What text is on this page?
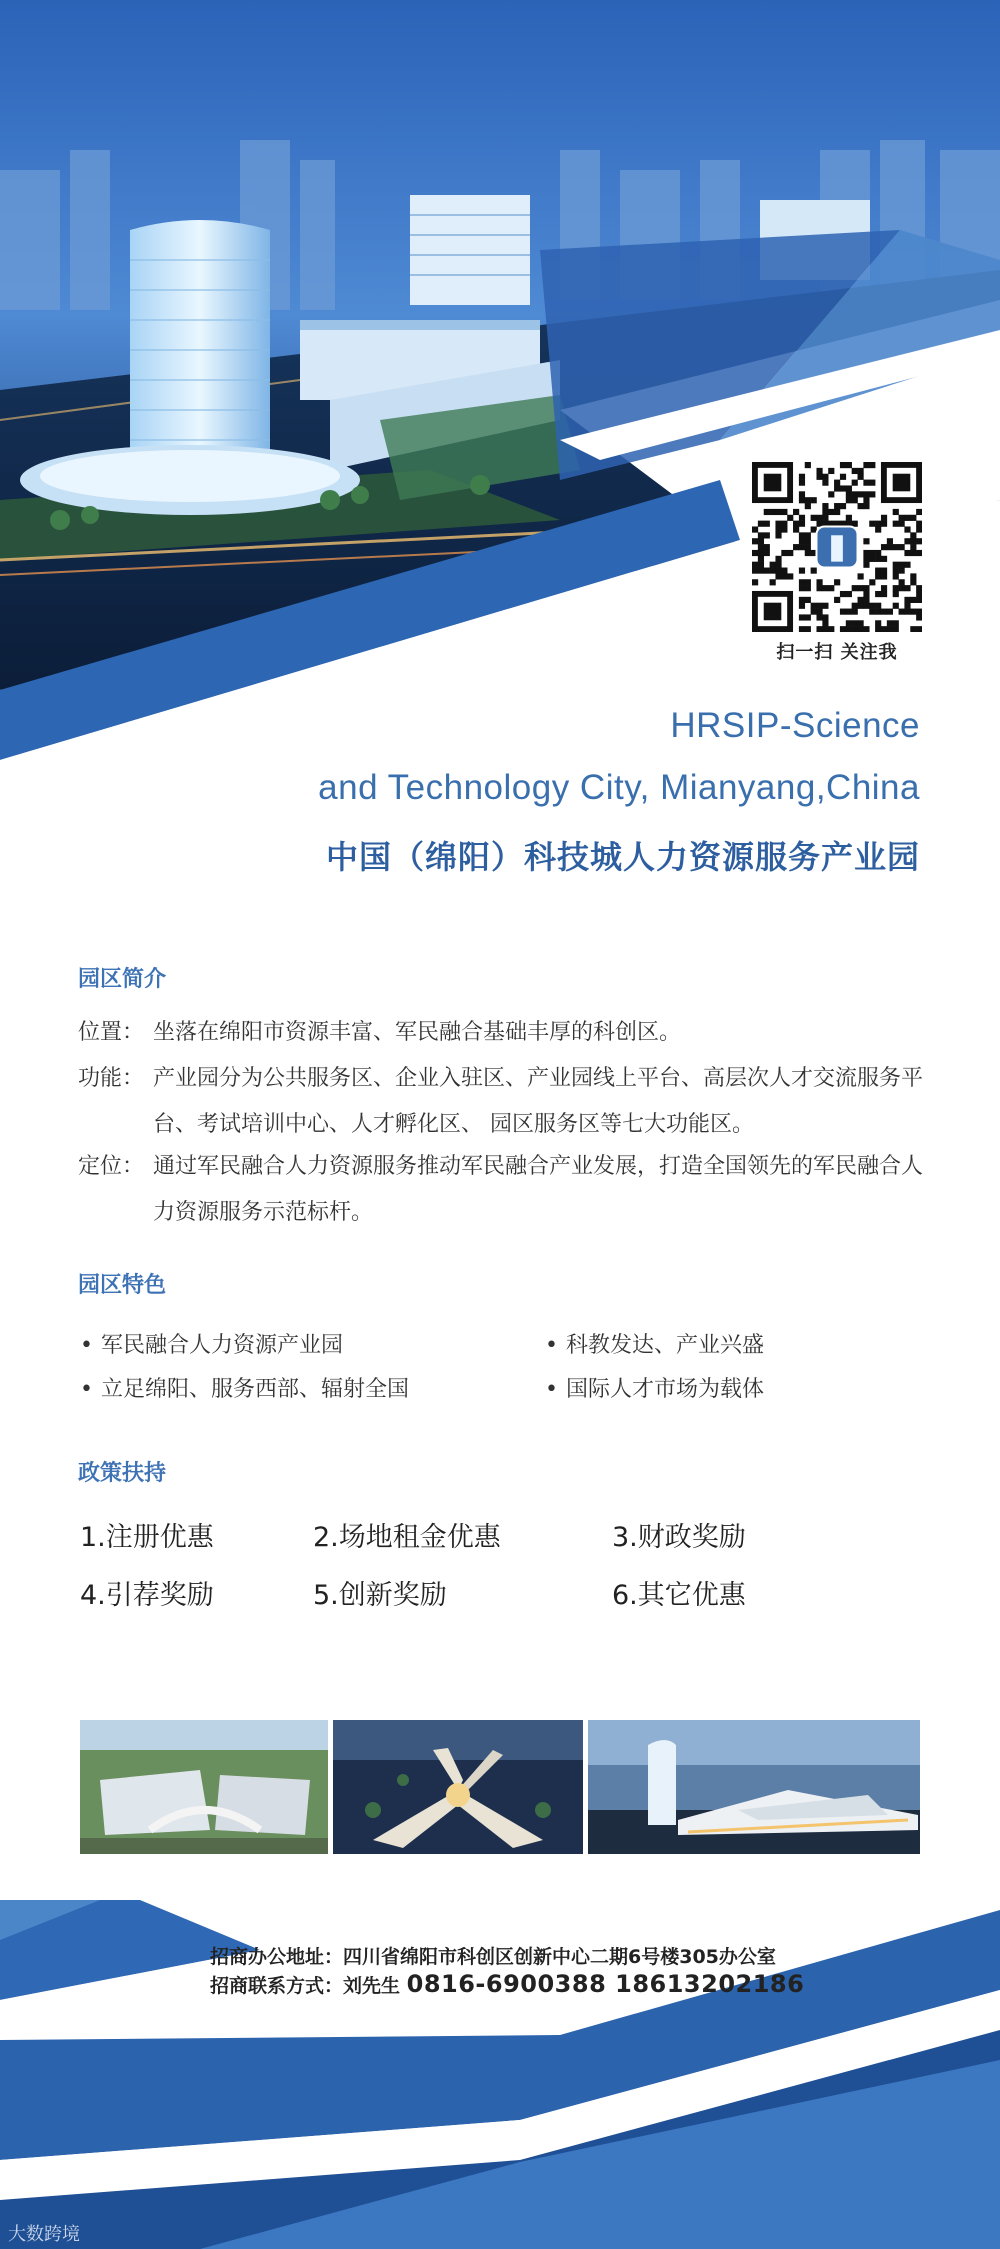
扫一扫 关注我
HRSIP-Science
and Technology City, Mianyang,China
中国（绵阳）科技城人力资源服务产业园
园区简介
位置： 坐落在绵阳市资源丰富、军民融合基础丰厚的科创区。
功能： 产业园分为公共服务区、企业入驻区、产业园线上平台、高层次人才交流服务平台、考试培训中心、人才孵化区、 园区服务区等七大功能区。
定位： 通过军民融合人力资源服务推动军民融合产业发展，打造全国领先的军民融合人力资源服务示范标杆。
园区特色
• 军民融合人力资源产业园	• 科教发达、产业兴盛
• 立足绵阳、服务西部、辐射全国	• 国际人才市场为载体
政策扶持
1.注册优惠	2.场地租金优惠	3.财政奖励
4.引荐奖励	5.创新奖励	6.其它优惠
招商办公地址：四川省绵阳市科创区创新中心二期6号楼305办公室
招商联系方式：刘先生 0816-6900388 18613202186
大数跨境
